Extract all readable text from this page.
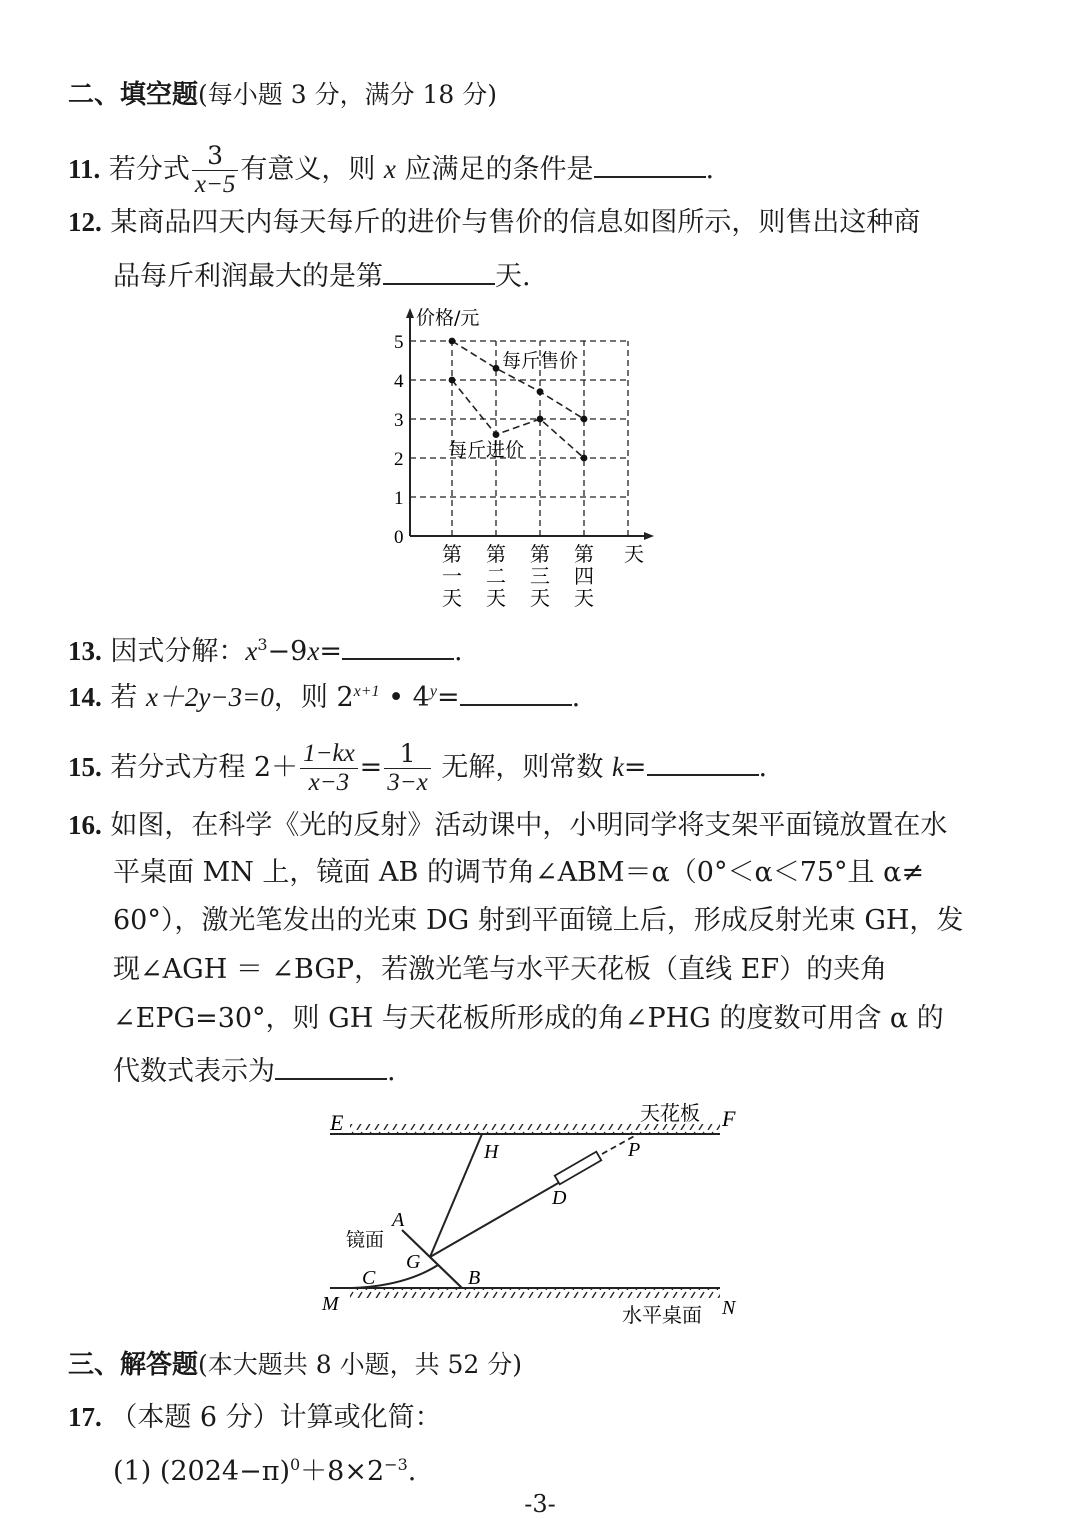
二、填空题(每小题 3 分，满分 18 分)
11. 若分式 $\frac{3}{x-5}$ 有意义，则 x 应满足的条件是	.
12. 某商品四天内每天每斤的进价与售价的信息如图所示，则售出这种商
品每斤利润最大的是第	天.
0
1
2
3
4
5
价格/元
天
第
一
天
第
二
天
第
三
天
第
四
天
每斤售价
每斤进价
13. 因式分解：$x^3-9x=$	.
14. 若 x＋2y−3=0，则 $2^{x+1}$ • $4^y=$	.
15. 若分式方程 $2+ \frac{1-kx}{x-3} = \frac{1}{3-x}$ 无解，则常数 k=	.
16. 如图，在科学《光的反射》活动课中，小明同学将支架平面镜放置在水
平桌面 MN 上，镜面 AB 的调节角∠ABM＝α（0°＜α＜75°且 α≠
60°），激光笔发出的光束 DG 射到平面镜上后，形成反射光束 GH，发
现∠AGH ＝ ∠BGP，若激光笔与水平天花板（直线 EF）的夹角
∠EPG=30°，则 GH 与天花板所形成的角∠PHG 的度数可用含 α 的
代数式表示为	.
E	F
天花板
H	P
D
A
镜面
G
C	B
M	水平桌面 N
三、解答题(本大题共 8 小题，共 52 分)
17. （本题 6 分）计算或化简：
(1) $(2024-\pi)^0+8\times 2^{-3}$.
-3-
